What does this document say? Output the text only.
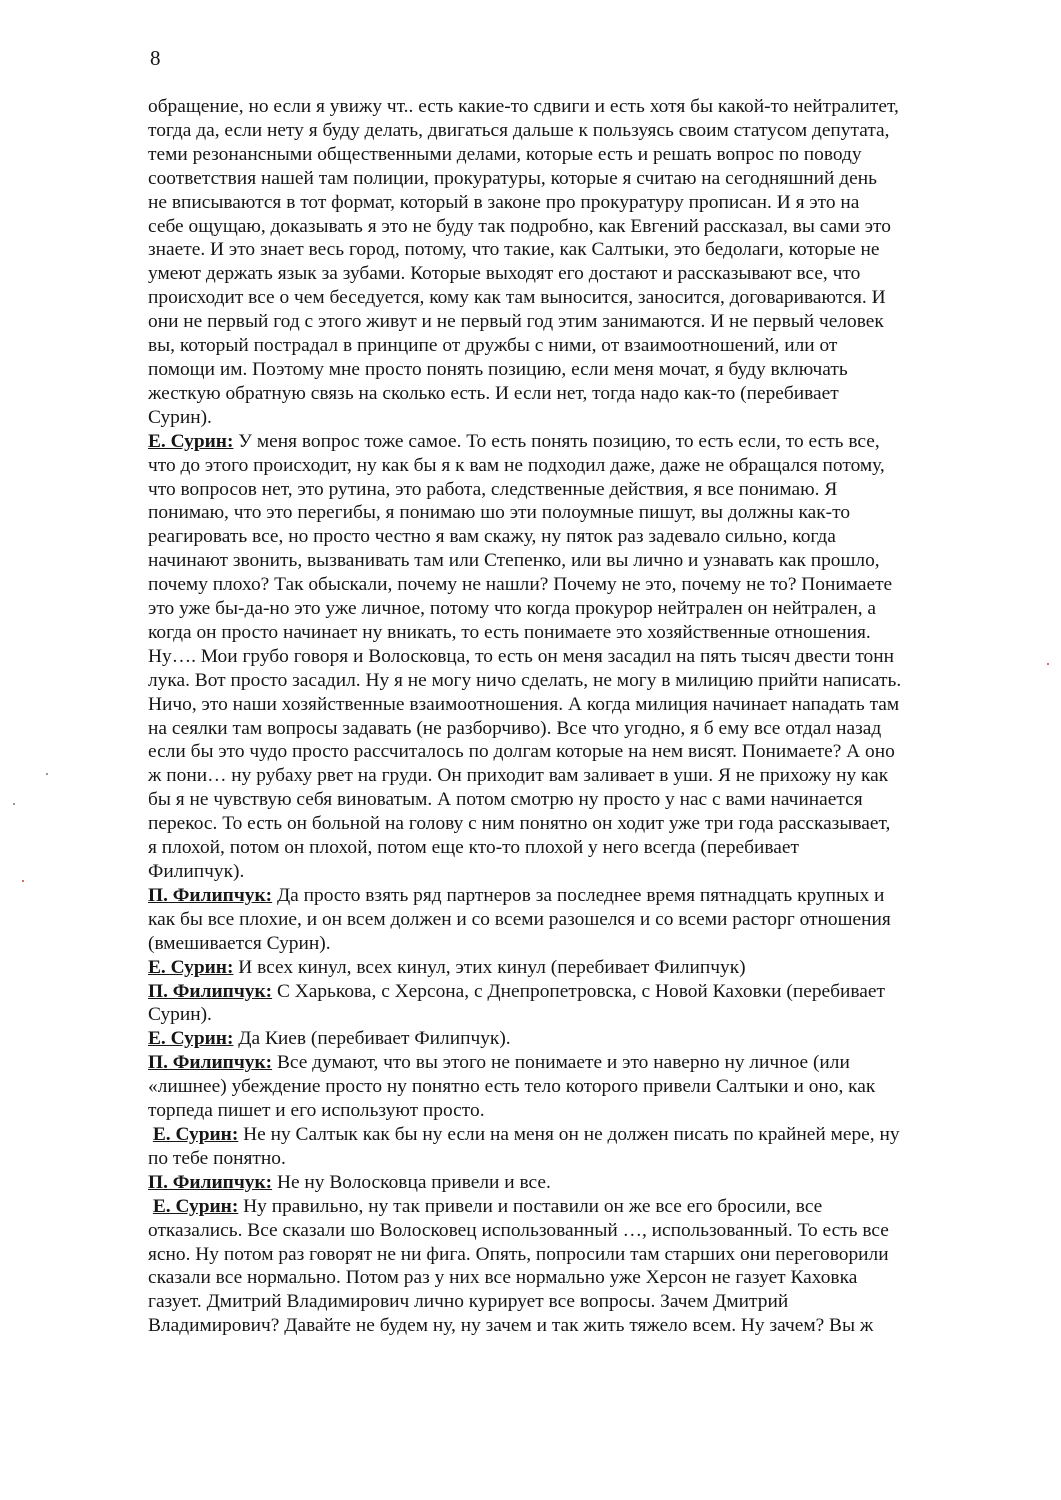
8
обращение, но если я увижу чт.. есть какие-то сдвиги и есть хотя бы какой-то нейтралитет,
тогда да, если нету я буду делать, двигаться дальше к пользуясь своим статусом депутата,
теми резонансными общественными делами, которые есть и решать вопрос по поводу
соответствия нашей там полиции, прокуратуры, которые я считаю на сегодняшний день
не вписываются в тот формат, который в законе про прокуратуру прописан. И я это на
себе ощущаю, доказывать я это не буду так подробно, как Евгений рассказал, вы сами это
знаете. И это знает весь город, потому, что такие, как Салтыки, это бедолаги, которые не
умеют держать язык за зубами. Которые выходят его достают и рассказывают все, что
происходит все о чем беседуется, кому как там выносится, заносится, договариваются. И
они не первый год с этого живут и не первый год этим занимаются. И не первый человек
вы, который пострадал в принципе от дружбы с ними, от взаимоотношений, или от
помощи им. Поэтому мне просто понять позицию, если меня мочат, я буду включать
жесткую обратную связь на сколько есть. И если нет, тогда надо как-то (перебивает
Сурин).
Е. Сурин: У меня вопрос тоже самое. То есть понять позицию, то есть если, то есть все,
что до этого происходит, ну как бы я к вам не подходил даже, даже не обращался потому,
что вопросов нет, это рутина, это работа, следственные действия, я все понимаю. Я
понимаю, что это перегибы, я понимаю шо эти полоумные пишут, вы должны как-то
реагировать все, но просто честно я вам скажу, ну пяток раз задевало сильно, когда
начинают звонить, вызванивать там или Степенко, или вы лично и узнавать как прошло,
почему плохо? Так обыскали, почему не нашли? Почему не это, почему не то? Понимаете
это уже бы-да-но это уже личное, потому что когда прокурор нейтрален он нейтрален, а
когда он просто начинает ну вникать, то есть понимаете это хозяйственные отношения.
Ну…. Мои грубо говоря и Волосковца, то есть он меня засадил на пять тысяч двести тонн
лука. Вот просто засадил. Ну я не могу ничо сделать, не могу в милицию прийти написать.
Ничо, это наши хозяйственные взаимоотношения. А когда милиция начинает нападать там
на сеялки там вопросы задавать (не разборчиво). Все что угодно, я б ему все отдал назад
если бы это чудо просто рассчиталось по долгам которые на нем висят. Понимаете? А оно
ж пони… ну рубаху рвет на груди. Он приходит вам заливает в уши. Я не прихожу ну как
бы я не чувствую себя виноватым. А потом смотрю ну просто у нас с вами начинается
перекос. То есть он больной на голову с ним понятно он ходит уже три года рассказывает,
я плохой, потом он плохой, потом еще кто-то плохой у него всегда (перебивает
Филипчук).
П. Филипчук: Да просто взять ряд партнеров за последнее время пятнадцать крупных и
как бы все плохие, и он всем должен и со всеми разошелся и со всеми расторг отношения
(вмешивается Сурин).
Е. Сурин: И всех кинул, всех кинул, этих кинул (перебивает Филипчук)
П. Филипчук: С Харькова, с Херсона, с Днепропетровска, с Новой Каховки (перебивает
Сурин).
Е. Сурин: Да Киев (перебивает Филипчук).
П. Филипчук: Все думают, что вы этого не понимаете и это наверно ну личное (или
«лишнее) убеждение просто ну понятно есть тело которого привели Салтыки и оно, как
торпеда пишет и его используют просто.
Е. Сурин: Не ну Салтык как бы ну если на меня он не должен писать по крайней мере, ну
по тебе понятно.
П. Филипчук: Не ну Волосковца привели и все.
Е. Сурин: Ну правильно, ну так привели и поставили он же все его бросили, все
отказались. Все сказали шо Волосковец использованный …, использованный. То есть все
ясно. Ну потом раз говорят не ни фига. Опять, попросили там старших они переговорили
сказали все нормально. Потом раз у них все нормально уже Херсон не газует Каховка
газует. Дмитрий Владимирович лично курирует все вопросы. Зачем Дмитрий
Владимирович? Давайте не будем ну, ну зачем и так жить тяжело всем. Ну зачем? Вы ж
